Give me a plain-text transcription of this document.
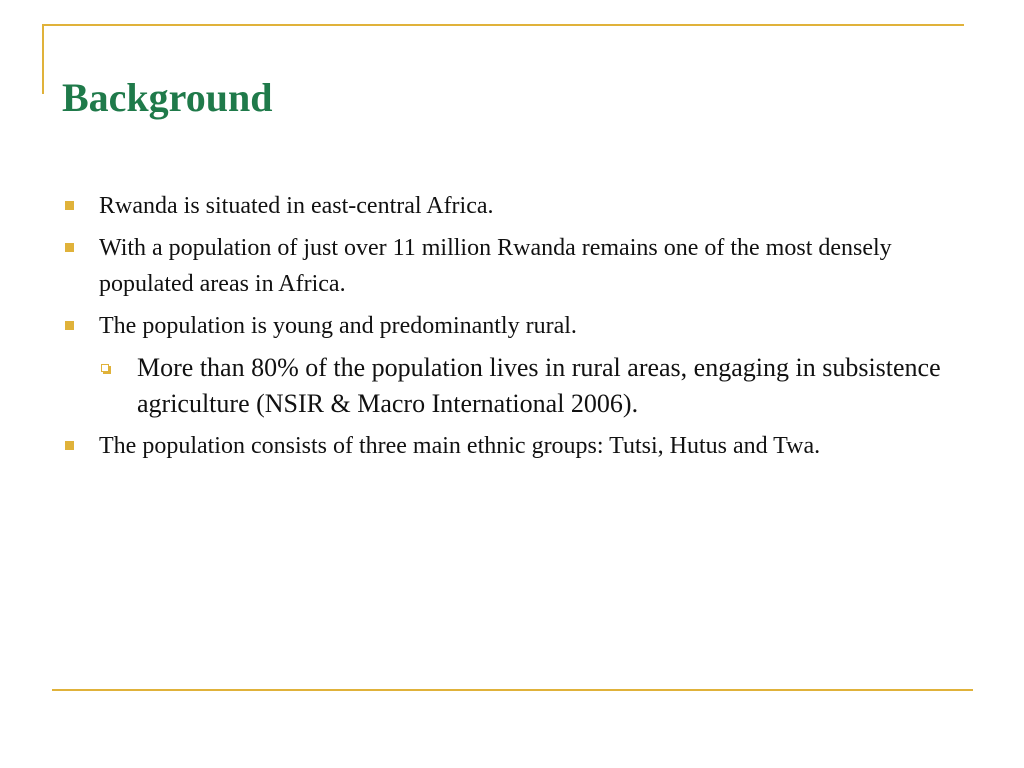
Background
Rwanda is situated in east-central Africa.
With a population of just over 11 million Rwanda remains one of the most densely populated areas in Africa.
The population is young and predominantly rural.
More than 80% of the population lives in rural areas, engaging in subsistence agriculture (NSIR & Macro International 2006).
The population consists of three main ethnic groups: Tutsi, Hutus and Twa.
